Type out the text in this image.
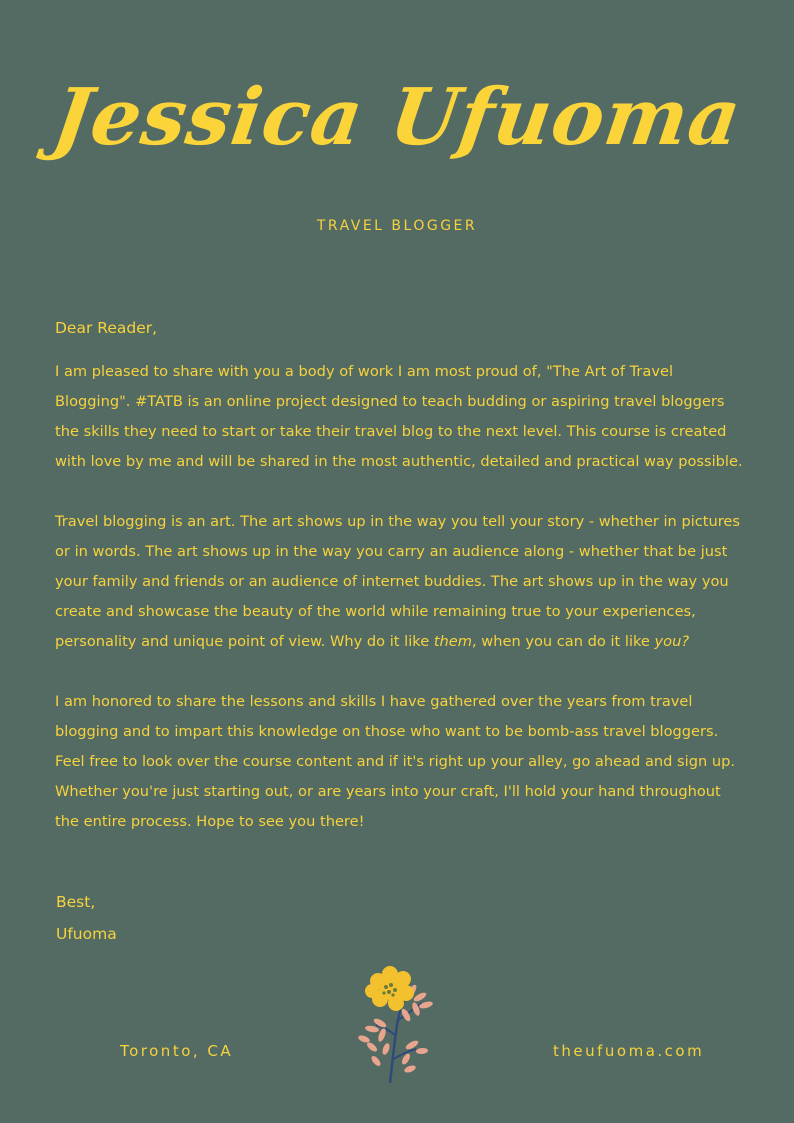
Jessica Ufuoma
TRAVEL BLOGGER

Dear Reader,

I am pleased to share with you a body of work I am most proud of, "The Art of Travel Blogging". #TATB is an online project designed to teach budding or aspiring travel bloggers the skills they need to start or take their travel blog to the next level. This course is created with love by me and will be shared in the most authentic, detailed and practical way possible.

Travel blogging is an art. The art shows up in the way you tell your story - whether in pictures or in words. The art shows up in the way you carry an audience along - whether that be just your family and friends or an audience of internet buddies. The art shows up in the way you create and showcase the beauty of the world while remaining true to your experiences, personality and unique point of view. Why do it like them, when you can do it like you?

I am honored to share the lessons and skills I have gathered over the years from travel blogging and to impart this knowledge on those who want to be bomb-ass travel bloggers. Feel free to look over the course content and if it's right up your alley, go ahead and sign up. Whether you're just starting out, or are years into your craft, I'll hold your hand throughout the entire process. Hope to see you there!

Best,
Ufuoma
Toronto, CA	theufuoma.com
